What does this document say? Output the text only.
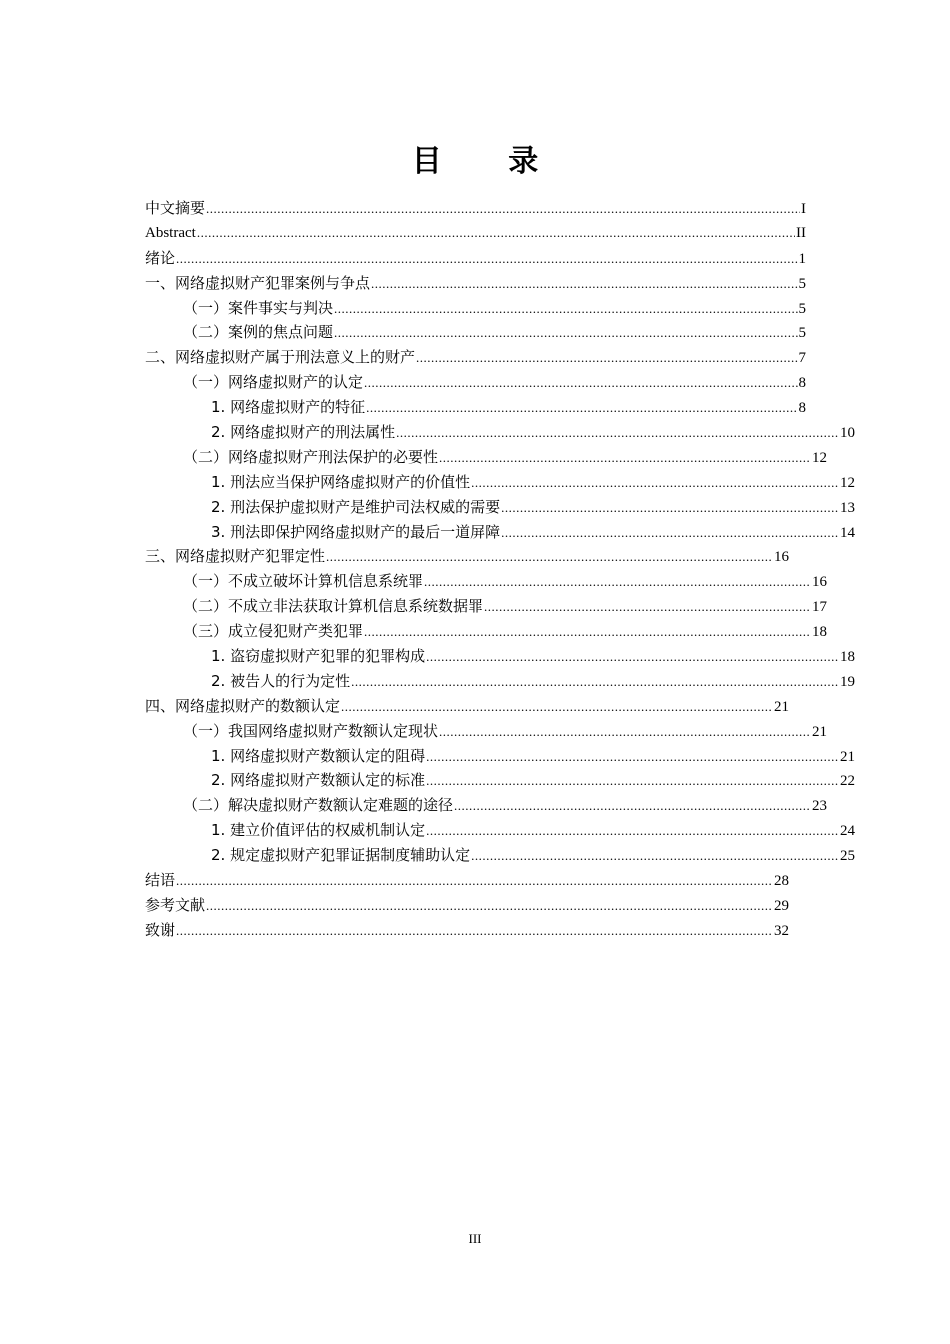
目 录
中文摘要 .....	I
Abstract .....	II
绪论 .....	1
一、网络虚拟财产犯罪案例与争点 .....	5
（一）案件事实与判决 .....	5
（二）案例的焦点问题 .....	5
二、网络虚拟财产属于刑法意义上的财产 .....	7
（一）网络虚拟财产的认定 .....	8
1. 网络虚拟财产的特征 .....	8
2. 网络虚拟财产的刑法属性 .....	10
（二）网络虚拟财产刑法保护的必要性 .....	12
1. 刑法应当保护网络虚拟财产的价值性 .....	12
2. 刑法保护虚拟财产是维护司法权威的需要 .....	13
3. 刑法即保护网络虚拟财产的最后一道屏障 .....	14
三、网络虚拟财产犯罪定性 .....	16
（一）不成立破坏计算机信息系统罪 .....	16
（二）不成立非法获取计算机信息系统数据罪 .....	17
（三）成立侵犯财产类犯罪 .....	18
1. 盗窃虚拟财产犯罪的犯罪构成 .....	18
2. 被告人的行为定性 .....	19
四、网络虚拟财产的数额认定 .....	21
（一）我国网络虚拟财产数额认定现状 .....	21
1. 网络虚拟财产数额认定的阻碍 .....	21
2. 网络虚拟财产数额认定的标准 .....	22
（二）解决虚拟财产数额认定难题的途径 .....	23
1. 建立价值评估的权威机制认定 .....	24
2. 规定虚拟财产犯罪证据制度辅助认定 .....	25
结语 .....	28
参考文献 .....	29
致谢 .....	32
III
